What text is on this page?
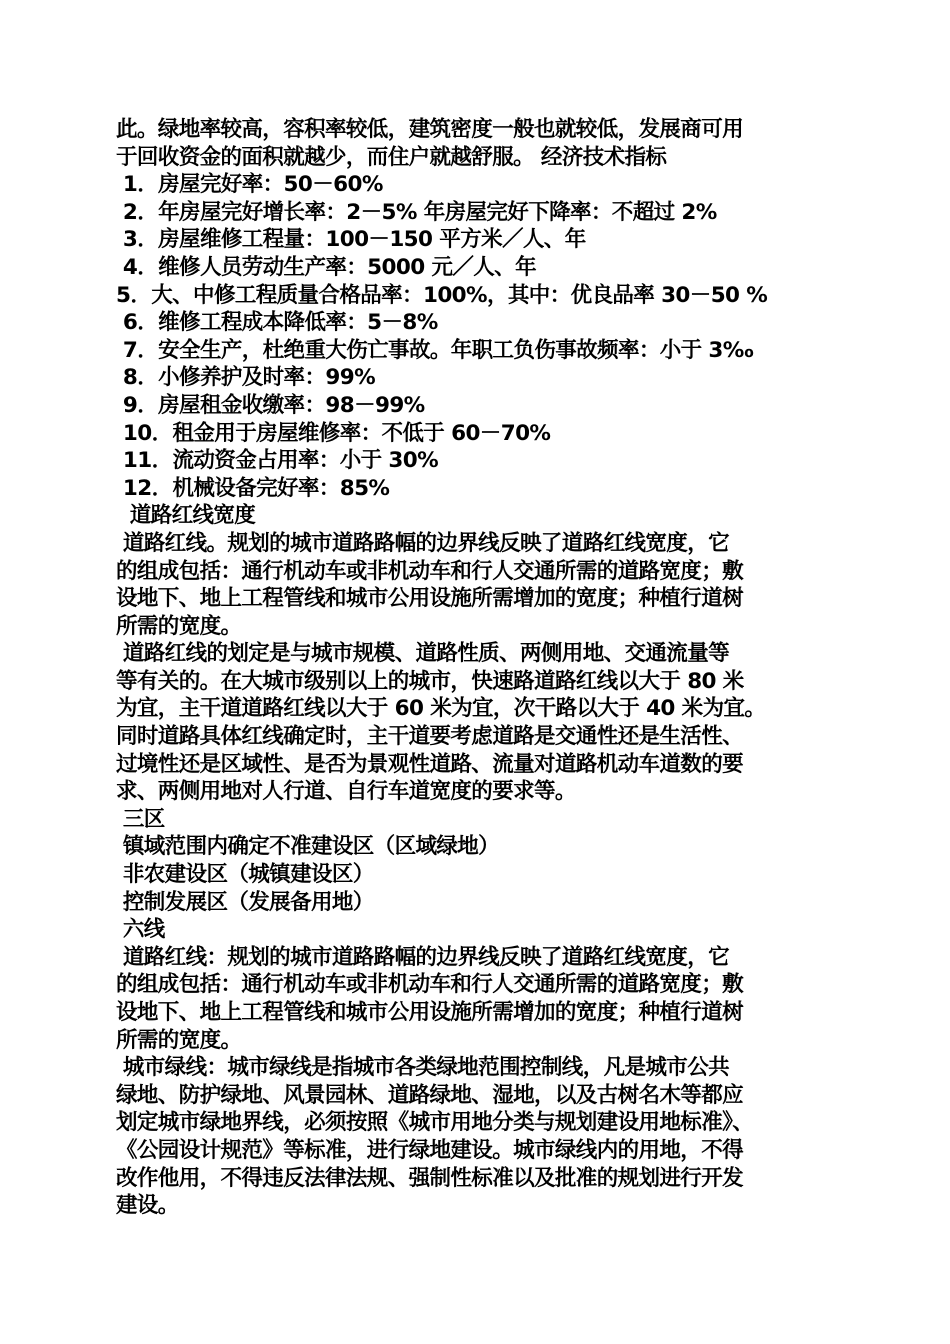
此。绿地率较高，容积率较低，建筑密度一般也就较低，发展商可用
于回收资金的面积就越少，而住户就越舒服。 经济技术指标
1．房屋完好率：50－60%
2．年房屋完好增长率：2－5% 年房屋完好下降率：不超过 2%
3．房屋维修工程量：100－150 平方米／人、年
4．维修人员劳动生产率：5000 元／人、年
5．大、中修工程质量合格品率：100%，其中：优良品率 30－50 %
6．维修工程成本降低率：5－8%
7．安全生产，杜绝重大伤亡事故。年职工负伤事故频率：小于 3‰
8．小修养护及时率：99%
9．房屋租金收缴率：98－99%
10．租金用于房屋维修率：不低于 60－70%
11．流动资金占用率：小于 30%
12．机械设备完好率：85%
道路红线宽度
道路红线。规划的城市道路路幅的边界线反映了道路红线宽度，它
的组成包括：通行机动车或非机动车和行人交通所需的道路宽度；敷
设地下、地上工程管线和城市公用设施所需增加的宽度；种植行道树
所需的宽度。
道路红线的划定是与城市规模、道路性质、两侧用地、交通流量等
等有关的。在大城市级别以上的城市，快速路道路红线以大于 80 米
为宜，主干道道路红线以大于 60 米为宜，次干路以大于 40 米为宜。
同时道路具体红线确定时，主干道要考虑道路是交通性还是生活性、
过境性还是区域性、是否为景观性道路、流量对道路机动车道数的要
求、两侧用地对人行道、自行车道宽度的要求等。
三区
镇域范围内确定不准建设区（区域绿地）
非农建设区（城镇建设区）
控制发展区（发展备用地）
六线
道路红线：规划的城市道路路幅的边界线反映了道路红线宽度，它
的组成包括：通行机动车或非机动车和行人交通所需的道路宽度；敷
设地下、地上工程管线和城市公用设施所需增加的宽度；种植行道树
所需的宽度。
城市绿线：城市绿线是指城市各类绿地范围控制线，凡是城市公共
绿地、防护绿地、风景园林、道路绿地、湿地，以及古树名木等都应
划定城市绿地界线，必须按照《城市用地分类与规划建设用地标准》、
《公园设计规范》等标准，进行绿地建设。城市绿线内的用地，不得
改作他用，不得违反法律法规、强制性标准以及批准的规划进行开发
建设。
